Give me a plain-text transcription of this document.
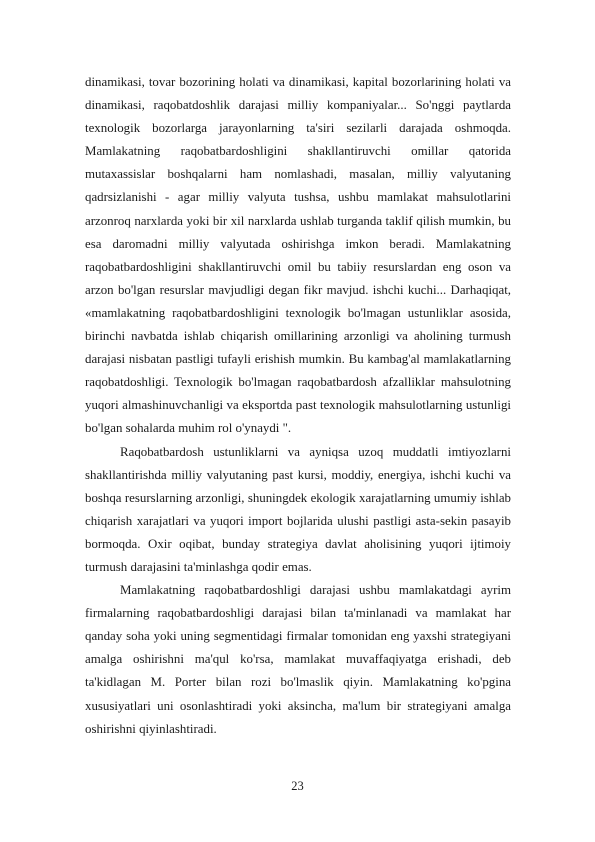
dinamikasi, tovar bozorining holati va dinamikasi, kapital bozorlarining holati va dinamikasi, raqobatdoshlik darajasi milliy kompaniyalar... So'nggi paytlarda texnologik bozorlarga jarayonlarning ta'siri sezilarli darajada oshmoqda. Mamlakatning raqobatbardoshligini shakllantiruvchi omillar qatorida mutaxassislar boshqalarni ham nomlashadi, masalan, milliy valyutaning qadrsizlanishi - agar milliy valyuta tushsa, ushbu mamlakat mahsulotlarini arzonroq narxlarda yoki bir xil narxlarda ushlab turganda taklif qilish mumkin, bu esa daromadni milliy valyutada oshirishga imkon beradi. Mamlakatning raqobatbardoshligini shakllantiruvchi omil bu tabiiy resurslardan eng oson va arzon bo'lgan resurslar mavjudligi degan fikr mavjud. ishchi kuchi... Darhaqiqat, «mamlakatning raqobatbardoshligini texnologik bo'lmagan ustunliklar asosida, birinchi navbatda ishlab chiqarish omillarining arzonligi va aholining turmush darajasi nisbatan pastligi tufayli erishish mumkin. Bu kambag'al mamlakatlarning raqobatdoshligi. Texnologik bo'lmagan raqobatbardosh afzalliklar mahsulotning yuqori almashinuvchanligi va eksportda past texnologik mahsulotlarning ustunligi bo'lgan sohalarda muhim rol o'ynaydi ".

Raqobatbardosh ustunliklarni va ayniqsa uzoq muddatli imtiyozlarni shakllantirishda milliy valyutaning past kursi, moddiy, energiya, ishchi kuchi va boshqa resurslarning arzonligi, shuningdek ekologik xarajatlarning umumiy ishlab chiqarish xarajatlari va yuqori import bojlarida ulushi pastligi asta-sekin pasayib bormoqda. Oxir oqibat, bunday strategiya davlat aholisining yuqori ijtimoiy turmush darajasini ta'minlashga qodir emas.

Mamlakatning raqobatbardoshligi darajasi ushbu mamlakatdagi ayrim firmalarning raqobatbardoshligi darajasi bilan ta'minlanadi va mamlakat har qanday soha yoki uning segmentidagi firmalar tomonidan eng yaxshi strategiyani amalga oshirishni ma'qul ko'rsa, mamlakat muvaffaqiyatga erishadi, deb ta'kidlagan M. Porter bilan rozi bo'lmaslik qiyin. Mamlakatning ko'pgina xususiyatlari uni osonlashtiradi yoki aksincha, ma'lum bir strategiyani amalga oshirishni qiyinlashtiradi.

23
